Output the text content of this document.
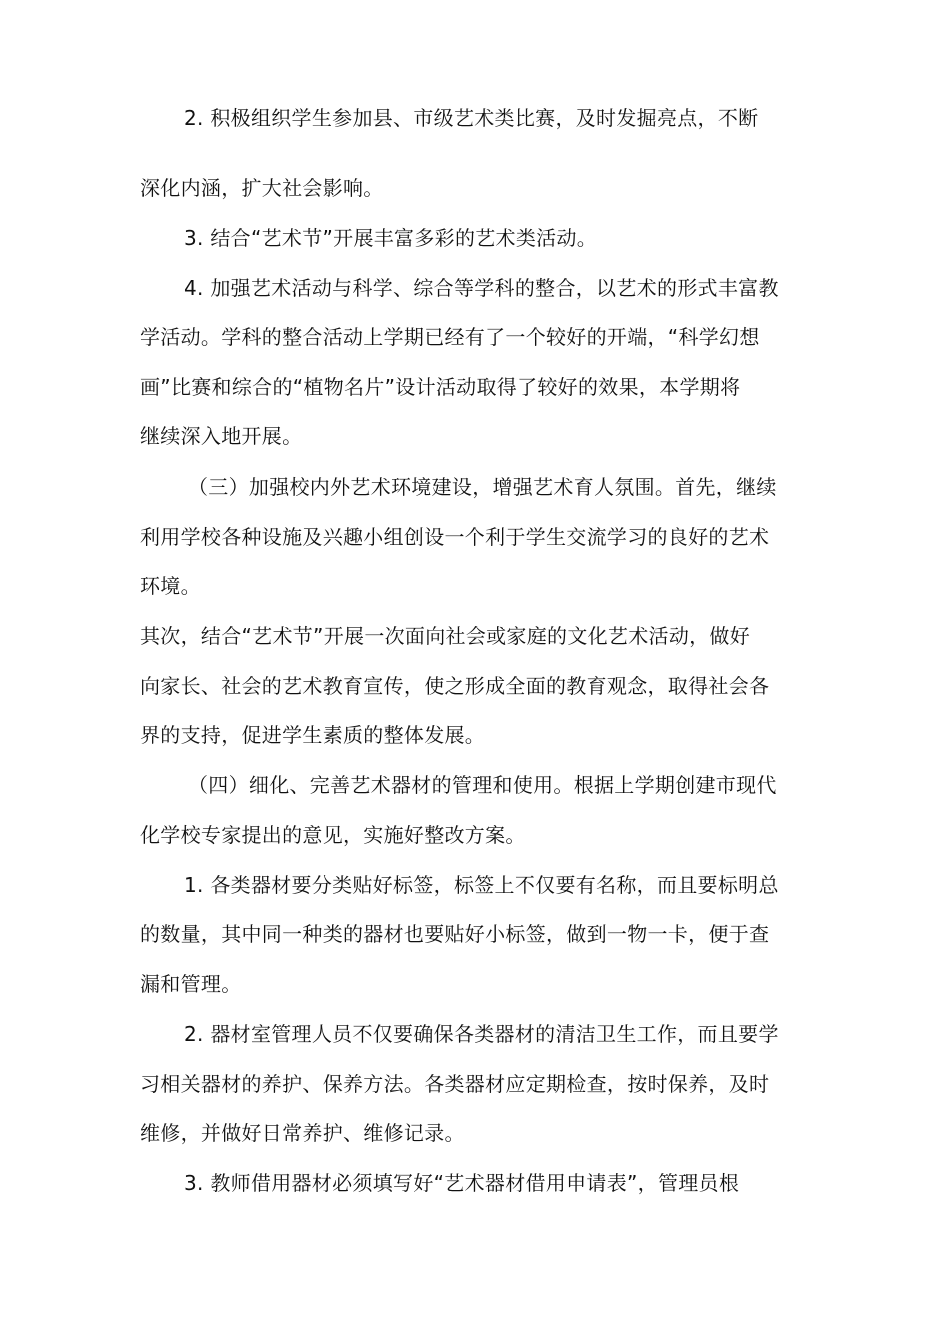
2. 积极组织学生参加县、市级艺术类比赛，及时发掘亮点，不断
深化内涵，扩大社会影响。
3. 结合“艺术节”开展丰富多彩的艺术类活动。
4. 加强艺术活动与科学、综合等学科的整合，以艺术的形式丰富教
学活动。学科的整合活动上学期已经有了一个较好的开端，“科学幻想
画”比赛和综合的“植物名片”设计活动取得了较好的效果，本学期将
继续深入地开展。
（三）加强校内外艺术环境建设，增强艺术育人氛围。首先，继续
利用学校各种设施及兴趣小组创设一个利于学生交流学习的良好的艺术
环境。
其次，结合“艺术节”开展一次面向社会或家庭的文化艺术活动，做好
向家长、社会的艺术教育宣传，使之形成全面的教育观念，取得社会各
界的支持，促进学生素质的整体发展。
（四）细化、完善艺术器材的管理和使用。根据上学期创建市现代
化学校专家提出的意见，实施好整改方案。
1. 各类器材要分类贴好标签，标签上不仅要有名称，而且要标明总
的数量，其中同一种类的器材也要贴好小标签，做到一物一卡，便于查
漏和管理。
2. 器材室管理人员不仅要确保各类器材的清洁卫生工作，而且要学
习相关器材的养护、保养方法。各类器材应定期检查，按时保养，及时
维修，并做好日常养护、维修记录。
3. 教师借用器材必须填写好“艺术器材借用申请表”，管理员根
